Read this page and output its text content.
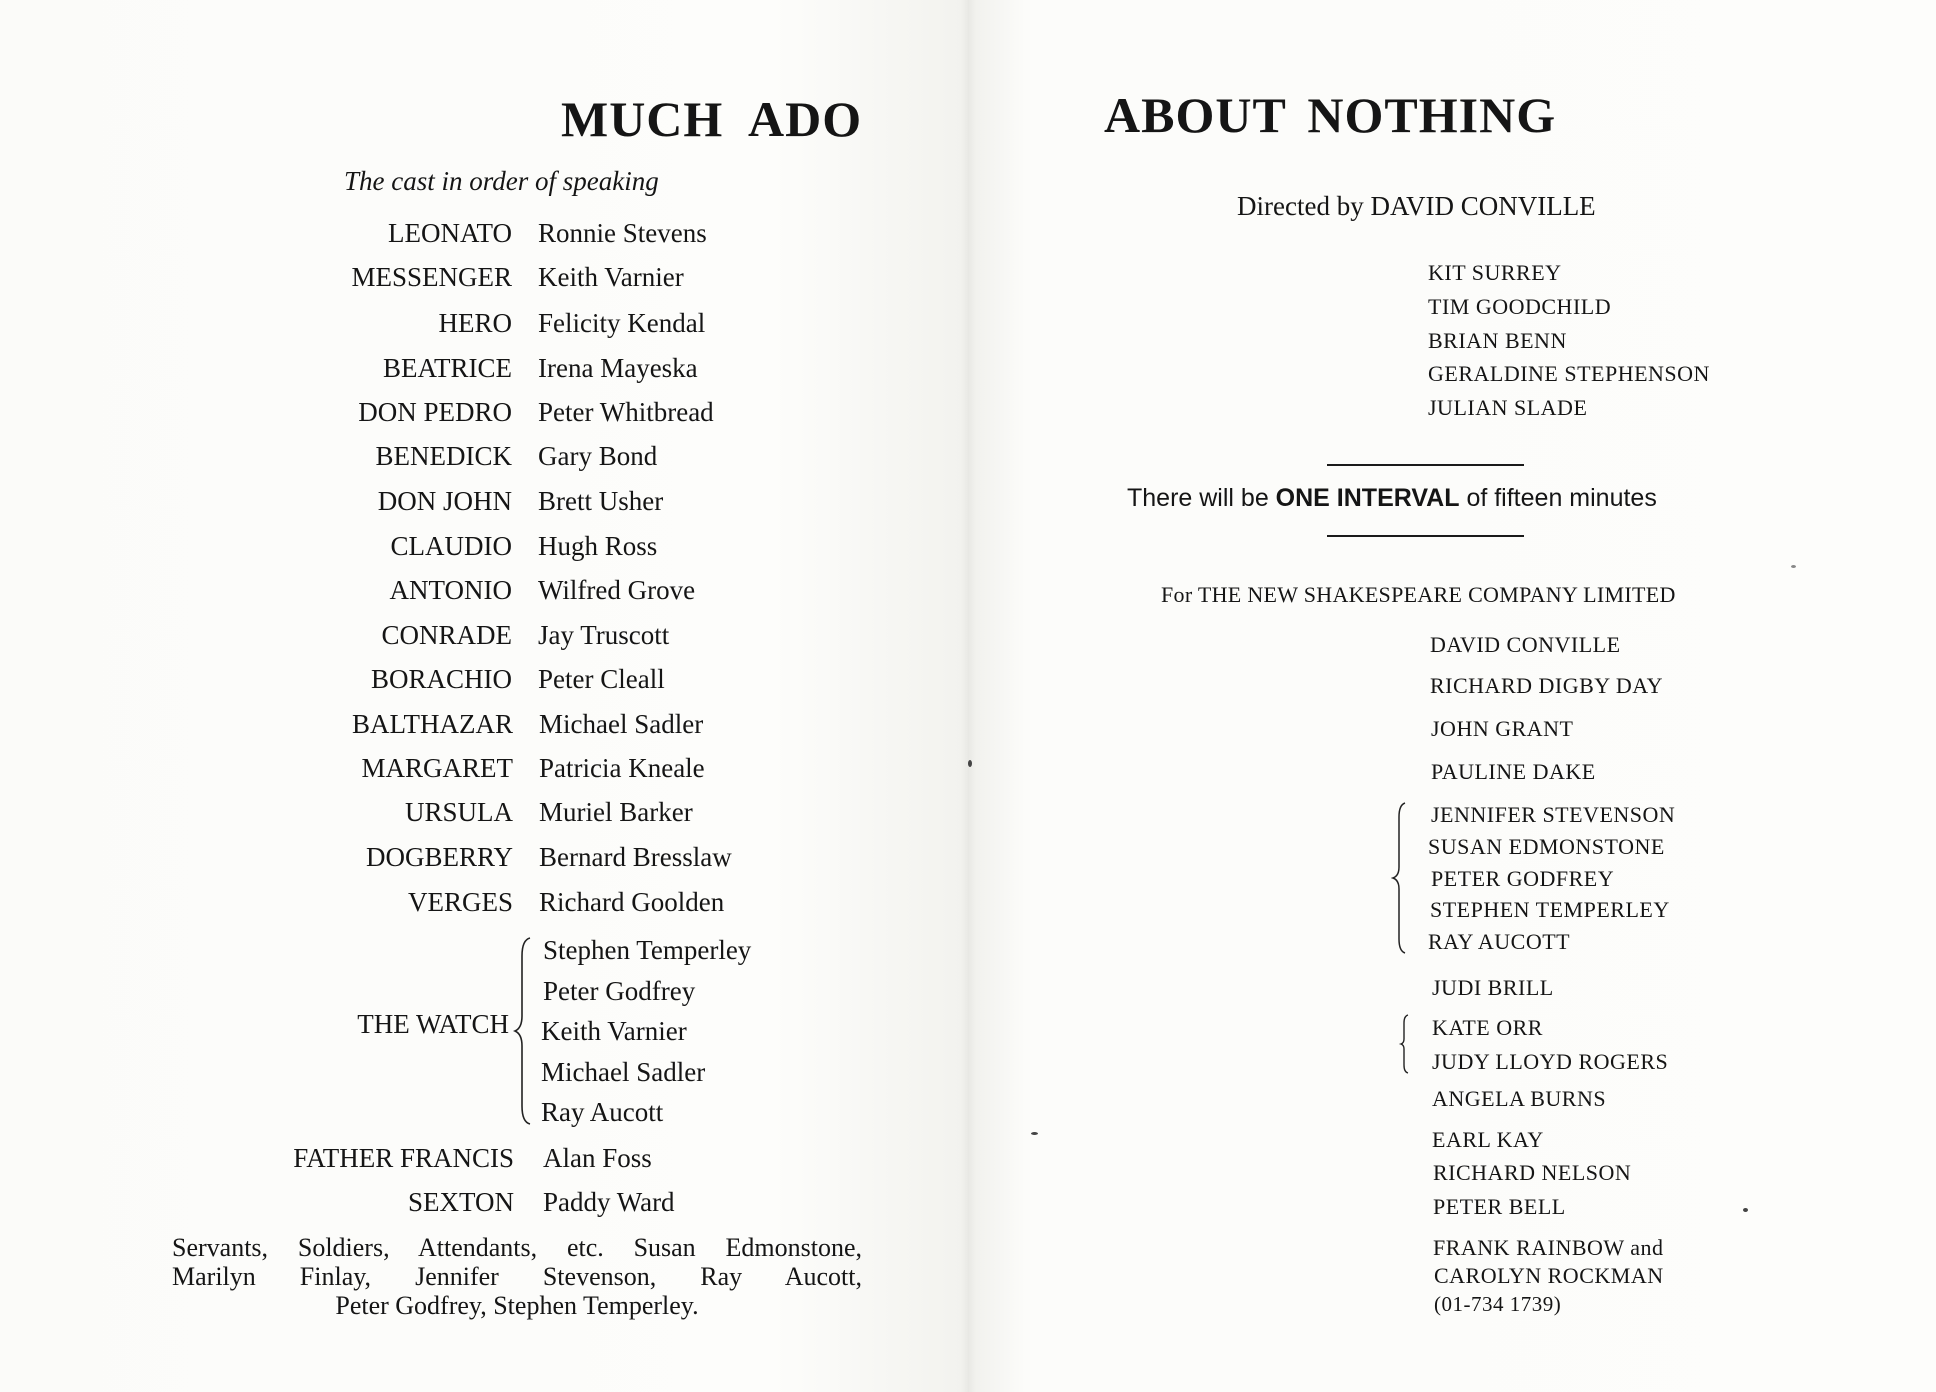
MUCH ADO
The cast in order of speaking
LEONATO Ronnie Stevens
MESSENGER Keith Varnier
HERO Felicity Kendal
BEATRICE Irena Mayeska
DON PEDRO Peter Whitbread
BENEDICK Gary Bond
DON JOHN Brett Usher
CLAUDIO Hugh Ross
ANTONIO Wilfred Grove
CONRADE Jay Truscott
BORACHIO Peter Cleall
BALTHAZAR Michael Sadler
MARGARET Patricia Kneale
URSULA Muriel Barker
DOGBERRY Bernard Bresslaw
VERGES Richard Goolden
THE WATCH
Stephen Temperley
Peter Godfrey
Keith Varnier
Michael Sadler
Ray Aucott
FATHER FRANCIS Alan Foss
SEXTON Paddy Ward
Servants, Soldiers, Attendants, etc. Susan Edmonstone,
Marilyn Finlay, Jennifer Stevenson, Ray Aucott,
Peter Godfrey, Stephen Temperley.
ABOUT NOTHING
Directed by DAVID CONVILLE
KIT SURREY
TIM GOODCHILD
BRIAN BENN
GERALDINE STEPHENSON
JULIAN SLADE
There will be ONE INTERVAL of fifteen minutes
For THE NEW SHAKESPEARE COMPANY LIMITED
DAVID CONVILLE
RICHARD DIGBY DAY
JOHN GRANT
PAULINE DAKE
JENNIFER STEVENSON
SUSAN EDMONSTONE
PETER GODFREY
STEPHEN TEMPERLEY
RAY AUCOTT
JUDI BRILL
KATE ORR
JUDY LLOYD ROGERS
ANGELA BURNS
EARL KAY
RICHARD NELSON
PETER BELL
FRANK RAINBOW and
CAROLYN ROCKMAN
(01-734 1739)
